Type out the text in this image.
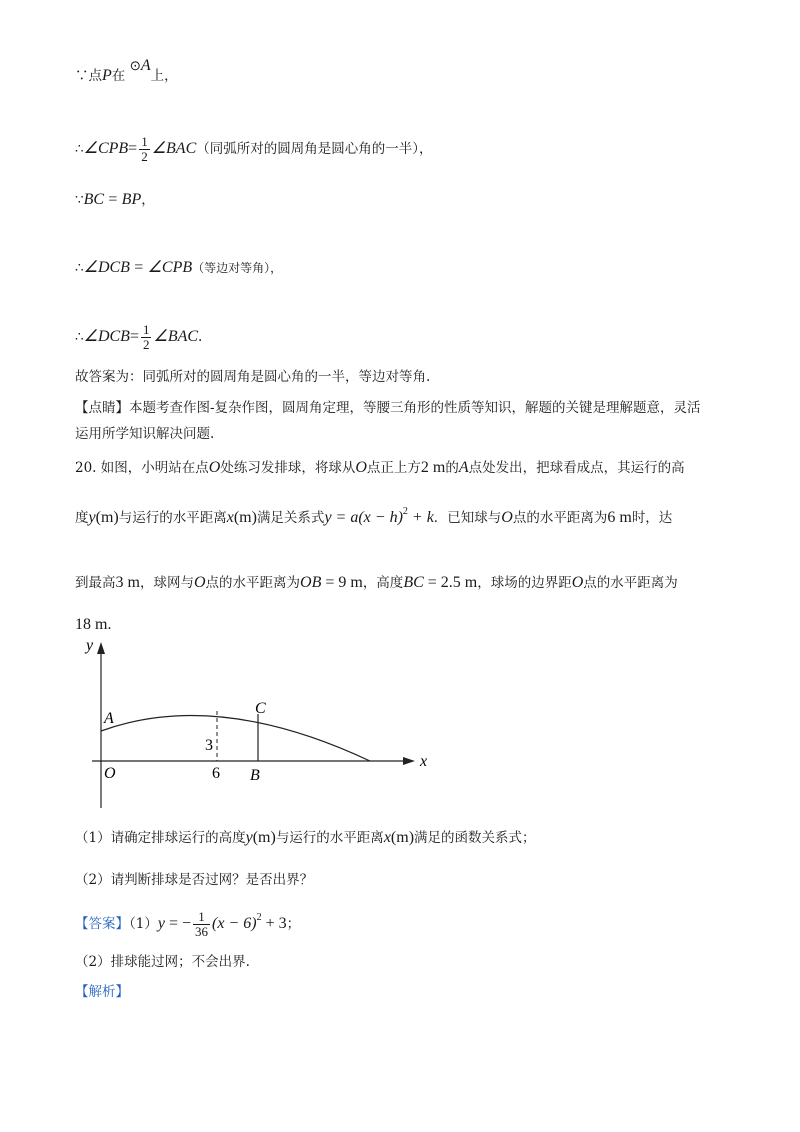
∵点P在 ⊙A上，
∴∠CPB= $\frac{1}{2}$ ∠BAC（同弧所对的圆周角是圆心角的一半），
∵BC = BP，
∴∠DCB = ∠CPB（等边对等角），
∴∠DCB= $\frac{1}{2}$ ∠BAC.
故答案为：同弧所对的圆周角是圆心角的一半，等边对等角.
【点睛】本题考查作图-复杂作图，圆周角定理，等腰三角形的性质等知识，解题的关键是理解题意，灵活
运用所学知识解决问题.
20. 如图，小明站在点O处练习发排球，将球从O点正上方2 m的A点处发出，把球看成点，其运行的高
度y(m)与运行的水平距离x(m)满足关系式$y = a(x - h)^2 + k$．已知球与O点的水平距离为6 m时，达
到最高3 m，球网与O点的水平距离为OB = 9 m，高度BC = 2.5 m，球场的边界距O点的水平距离为
18 m.
y
x
O
A
C
B
3
6
（1）请确定排球运行的高度y(m)与运行的水平距离x(m)满足的函数关系式；
（2）请判断排球是否过网？是否出界？
【答案】（1）y = − $\frac{1}{36} (x - 6)^2 + 3$；
（2）排球能过网；不会出界.
【解析】
